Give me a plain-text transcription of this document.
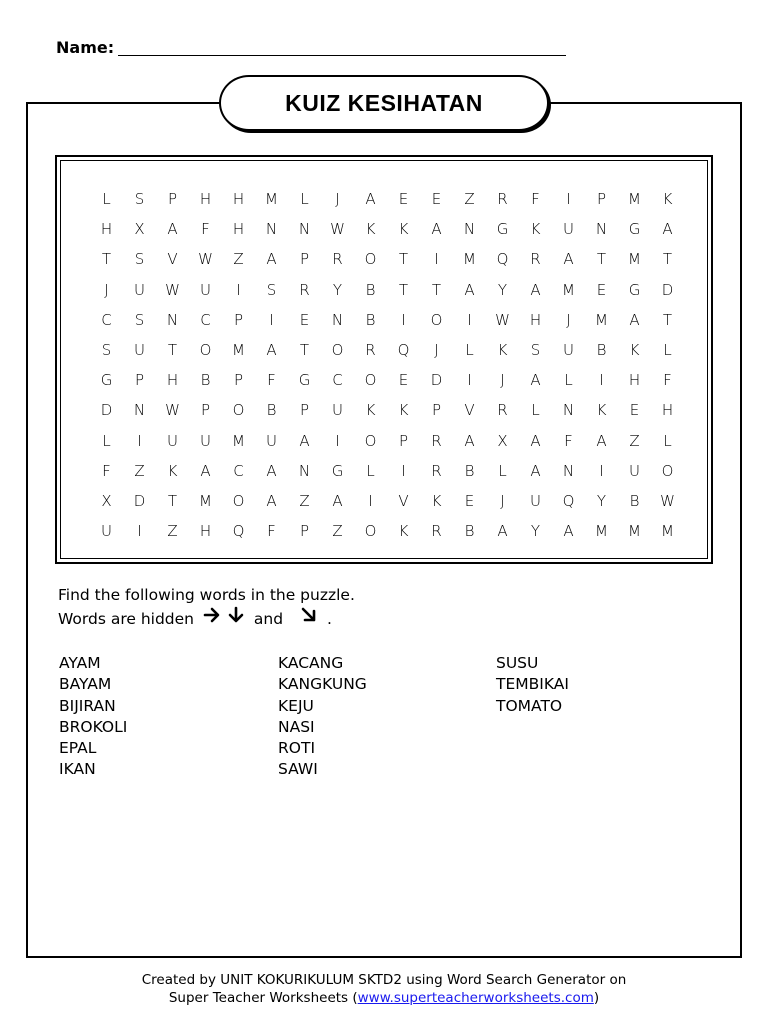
Name:
KUIZ KESIHATAN
L	S	P	H	H	M	L	J	A	E	E	Z	R	F	I	P	M	K
H	X	A	F	H	N	N	W	K	K	A	N	G	K	U	N	G	A
T	S	V	W	Z	A	P	R	O	T	I	M	Q	R	A	T	M	T
J	U	W	U	I	S	R	Y	B	T	T	A	Y	A	M	E	G	D
C	S	N	C	P	I	E	N	B	I	O	I	W	H	J	M	A	T
S	U	T	O	M	A	T	O	R	Q	J	L	K	S	U	B	K	L
G	P	H	B	P	F	G	C	O	E	D	I	J	A	L	I	H	F
D	N	W	P	O	B	P	U	K	K	P	V	R	L	N	K	E	H
L	I	U	U	M	U	A	I	O	P	R	A	X	A	F	A	Z	L
F	Z	K	A	C	A	N	G	L	I	R	B	L	A	N	I	U	O
X	D	T	M	O	A	Z	A	I	V	K	E	J	U	Q	Y	B	W
U	I	Z	H	Q	F	P	Z	O	K	R	B	A	Y	A	M	M	M
Find the following words in the puzzle.
Words are hidden	and	.
AYAM
BAYAM
BIJIRAN
BROKOLI
EPAL
IKAN
KACANG
KANGKUNG
KEJU
NASI
ROTI
SAWI
SUSU
TEMBIKAI
TOMATO
Created by UNIT KOKURIKULUM SKTD2 using Word Search Generator on
Super Teacher Worksheets (www.superteacherworksheets.com)
